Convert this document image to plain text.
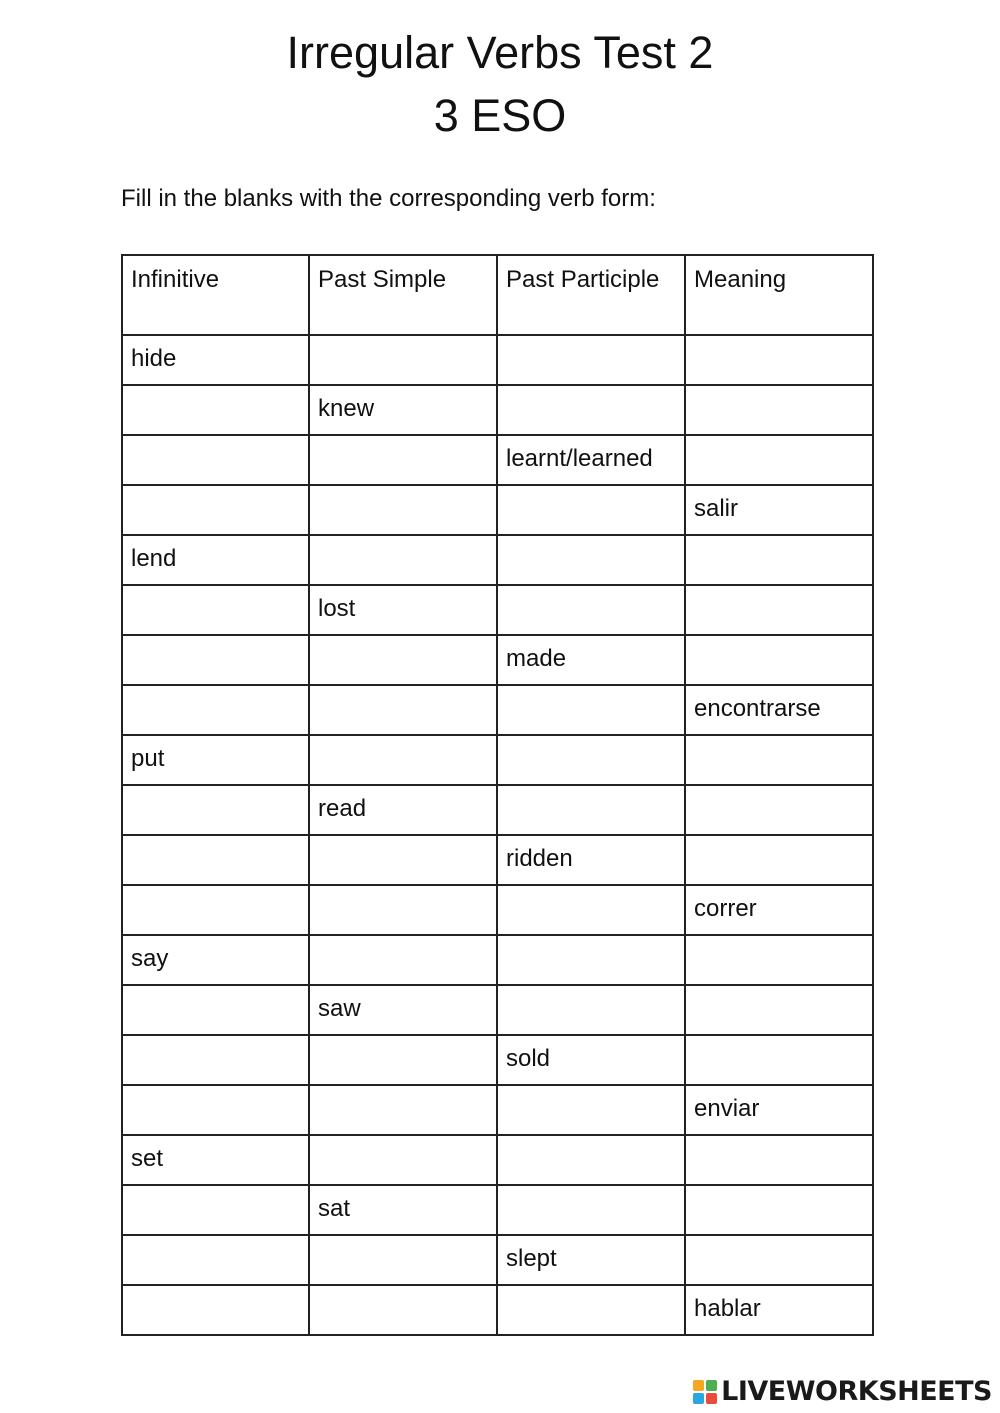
Irregular Verbs Test 2
3 ESO
Fill in the blanks with the corresponding verb form:
Infinitive	Past Simple	Past Participle	Meaning
hide			
	knew		
		learnt/learned	
			salir
lend			
	lost		
		made	
			encontrarse
put			
	read		
		ridden	
			correr
say			
	saw		
		sold	
			enviar
set			
	sat		
		slept	
			hablar
LIVEWORKSHEETS
